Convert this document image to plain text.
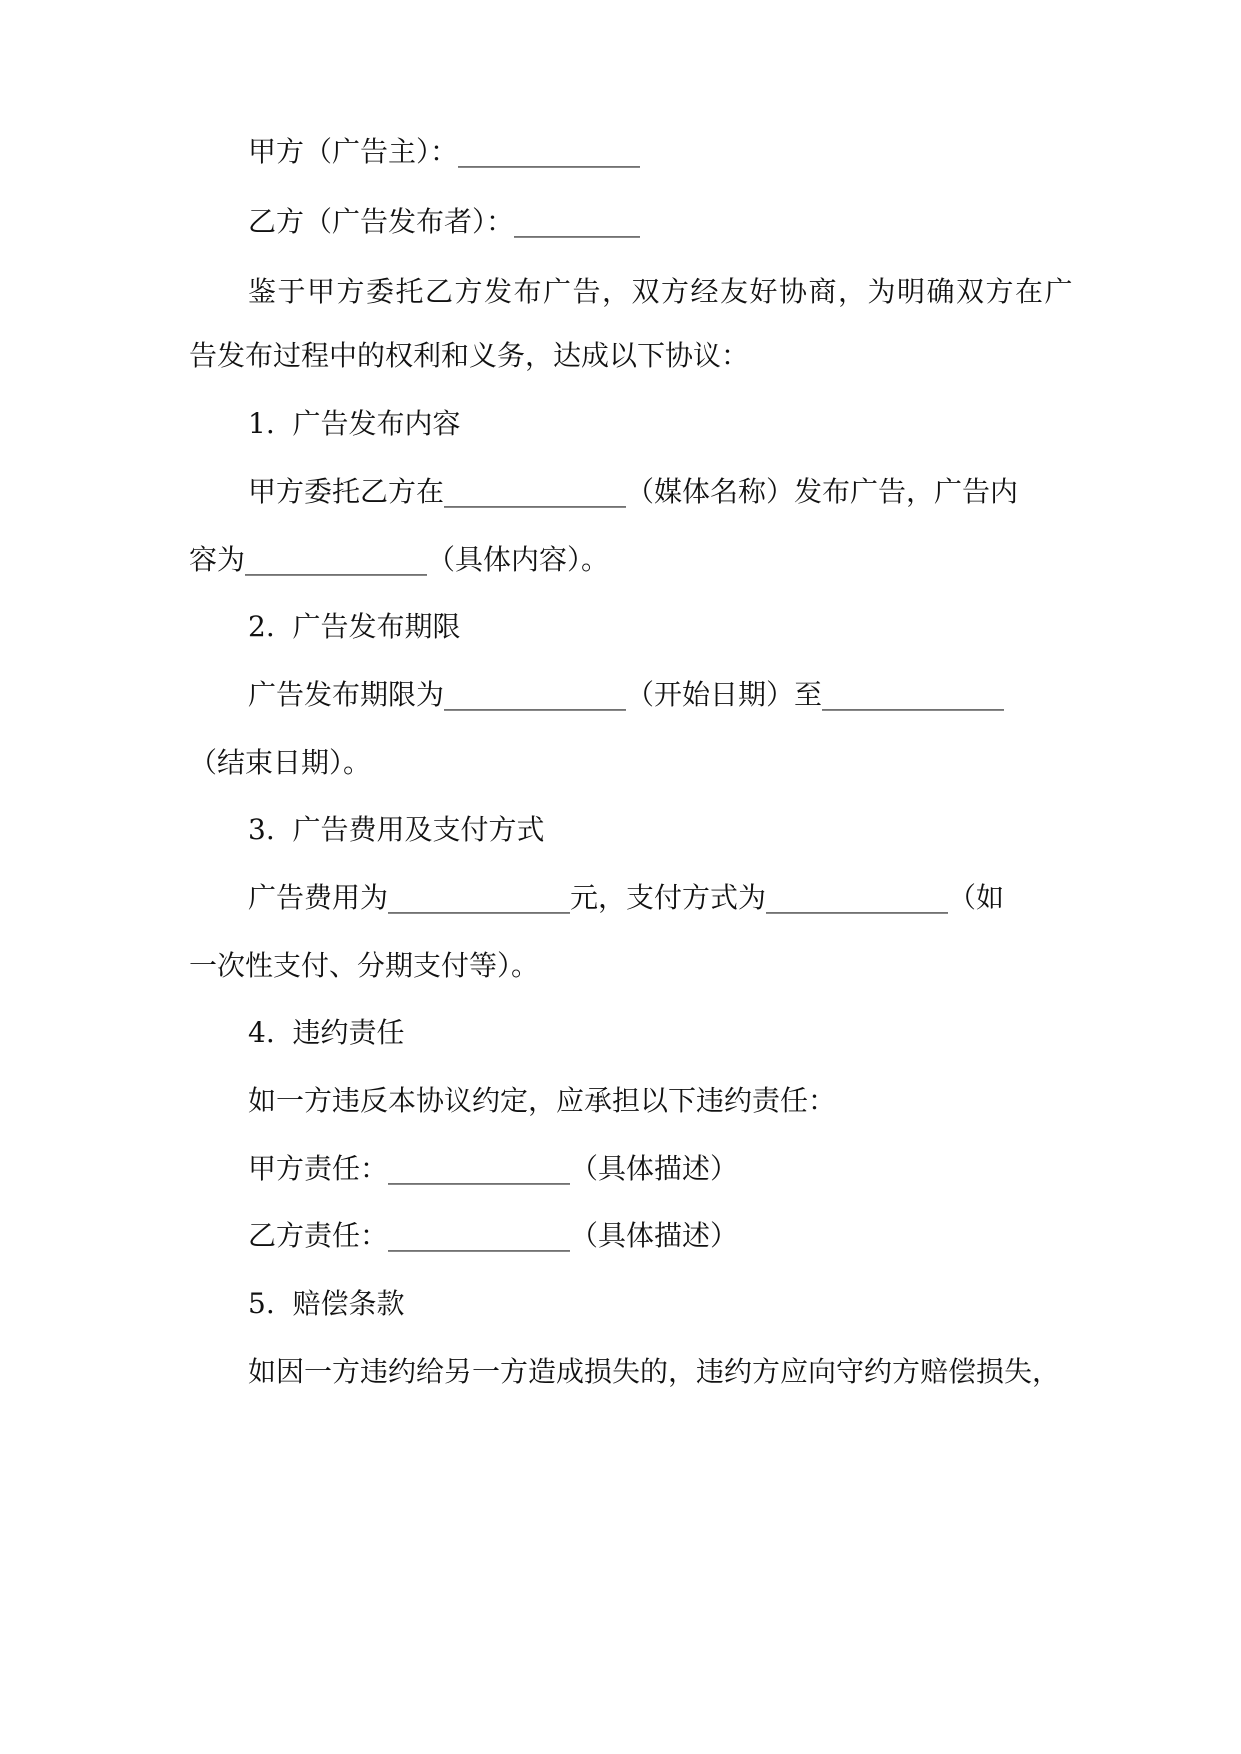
甲方（广告主）：_____________
乙方（广告发布者）：_________
鉴于甲方委托乙方发布广告，双方经友好协商，为明确双方在广
告发布过程中的权利和义务，达成以下协议：
1.  广告发布内容
甲方委托乙方在_____________（媒体名称）发布广告，广告内
容为_____________（具体内容）。
2.  广告发布期限
广告发布期限为_____________（开始日期）至_____________
（结束日期）。
3.  广告费用及支付方式
广告费用为_____________元，支付方式为_____________（如
一次性支付、分期支付等）。
4.  违约责任
如一方违反本协议约定，应承担以下违约责任：
甲方责任：_____________（具体描述）
乙方责任：_____________（具体描述）
5.  赔偿条款
如因一方违约给另一方造成损失的，违约方应向守约方赔偿损失，
